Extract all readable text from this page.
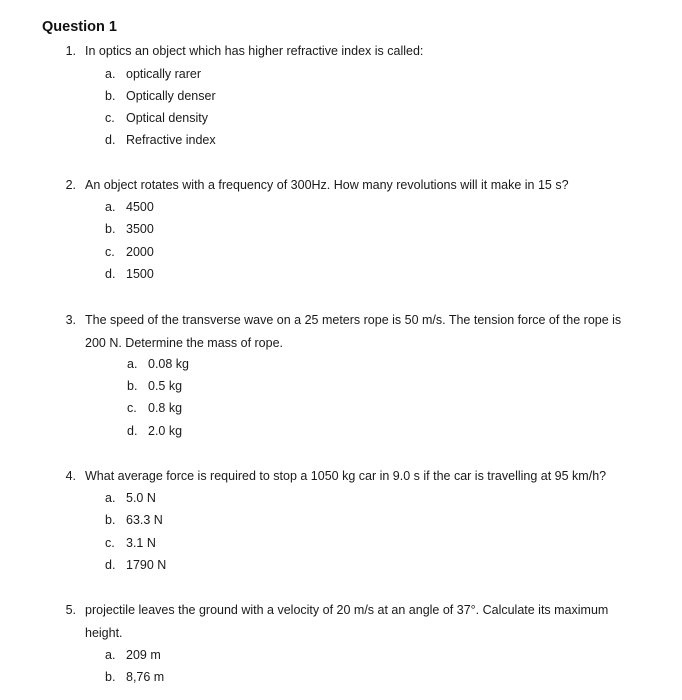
Question 1
1. In optics an object which has higher refractive index is called:
a. optically rarer
b. Optically denser
c. Optical density
d. Refractive index
2. An object rotates with a frequency of 300Hz. How many revolutions will it make in 15 s?
a. 4500
b. 3500
c. 2000
d. 1500
3. The speed of the transverse wave on a 25 meters rope is 50 m/s. The tension force of the rope is
200 N. Determine the mass of rope.
a. 0.08 kg
b. 0.5 kg
c. 0.8 kg
d. 2.0 kg
4. What average force is required to stop a 1050 kg car in 9.0 s if the car is travelling at 95 km/h?
a. 5.0 N
b. 63.3 N
c. 3.1 N
d. 1790 N
5. projectile leaves the ground with a velocity of 20 m/s at an angle of 37°. Calculate its maximum
height.
a. 209 m
b. 8,76 m
